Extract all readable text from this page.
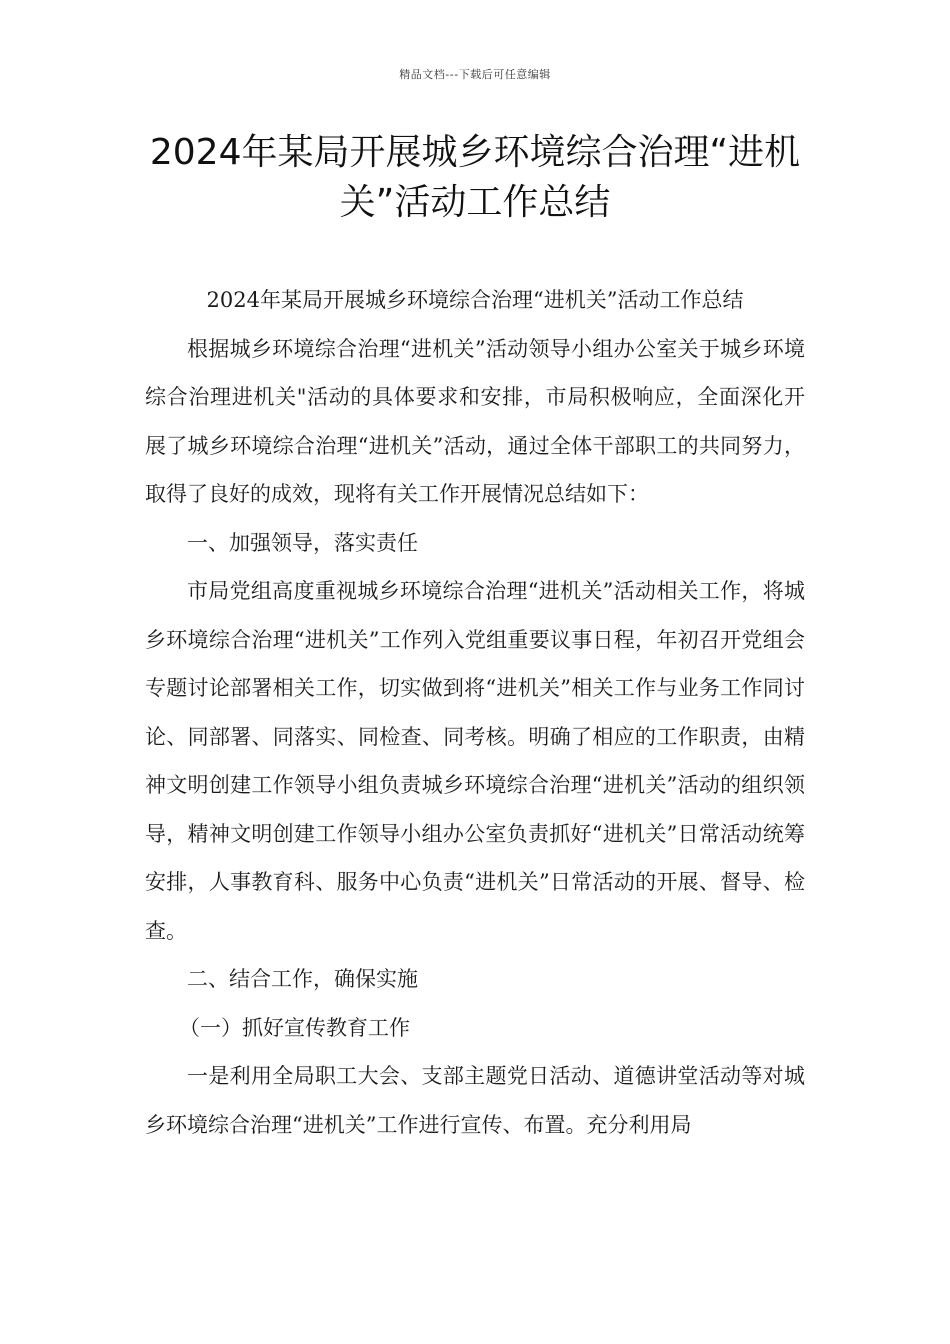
精品文档---下载后可任意编辑
2024年某局开展城乡环境综合治理“进机关”活动工作总结

2024年某局开展城乡环境综合治理“进机关”活动工作总结

根据城乡环境综合治理“进机关”活动领导小组办公室关于城乡环境综合治理进机关"活动的具体要求和安排，市局积极响应，全面深化开展了城乡环境综合治理“进机关”活动，通过全体干部职工的共同努力，取得了良好的成效，现将有关工作开展情况总结如下：

一、加强领导，落实责任

市局党组高度重视城乡环境综合治理“进机关”活动相关工作，将城乡环境综合治理“进机关”工作列入党组重要议事日程，年初召开党组会专题讨论部署相关工作，切实做到将“进机关”相关工作与业务工作同讨论、同部署、同落实、同检查、同考核。明确了相应的工作职责，由精神文明创建工作领导小组负责城乡环境综合治理“进机关”活动的组织领导，精神文明创建工作领导小组办公室负责抓好“进机关”日常活动统筹安排，人事教育科、服务中心负责“进机关”日常活动的开展、督导、检查。

二、结合工作，确保实施

（一）抓好宣传教育工作

一是利用全局职工大会、支部主题党日活动、道德讲堂活动等对城乡环境综合治理“进机关”工作进行宣传、布置。充分利用局
